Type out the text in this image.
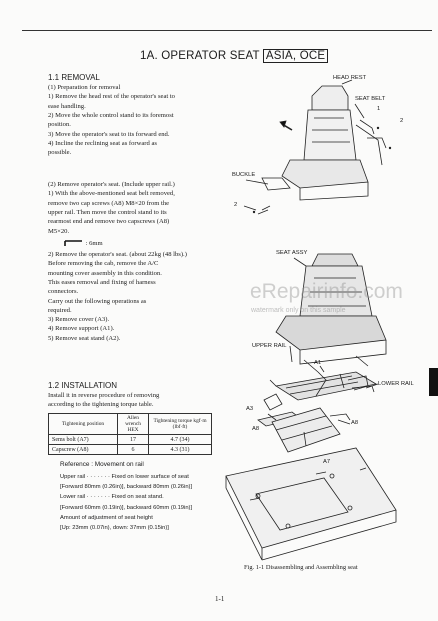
1A. OPERATOR SEAT ASIA, OCE
1.1 REMOVAL
(1) Preparation for removal
1) Remove the head rest of the operator's seat to
ease handling.
2) Move the whole control stand to its foremost
position.
3) Move the operator's seat to its forward end.
4) Incline the reclining seat as forward as
possible.
(2) Remove operator's seat. (Include upper rail.)
1) With the above-mentioned seat belt removed,
remove two cap screws (A8) M8×20 from the
upper rail. Then move the control stand to its
rearmost end and remove two capscrews (A8)
M5×20.
: 6mm
2) Remove the operator's seat. (about 22kg (48 lbs).)
Before removing the cab, remove the A/C
mounting cover assembly in this condition.
This eases removal and fixing of harness
connectors.
Carry out the following operations as
required.
3) Remove cover (A3).
4) Remove support (A1).
5) Remove seat stand (A2).
1.2 INSTALLATION
Install it in reverse procedure of removing
according to the tightening torque table.
Tightening position	Allen wrench HEX	Tightening torque kgf·m (lbf·ft)
Sems bolt (A7)	17	4.7 (34)
Capscrew (A8)	6	4.3 (31)
Reference : Movement on rail
Upper rail · · · · · · · Fixed on lower surface of seat
[Forward 80mm (0.26in)], backward 80mm (0.26in)]
Lower rail · · · · · · · Fixed on seat stand.
[Forward 60mm (0.19in)], backward 60mm (0.19in)]
Amount of adjustment of seat height
[Up: 23mm (0.07in), down: 37mm (0.15in)]
HEAD REST
SEAT BELT
1
2
BUCKLE
2
SEAT ASSY
UPPER RAIL
A1
LOWER RAIL
A3
A8
A8
A7
Fig. 1-1 Disassembling and Assembling seat
eRepairinfo.com
watermark only on this sample
1-1
